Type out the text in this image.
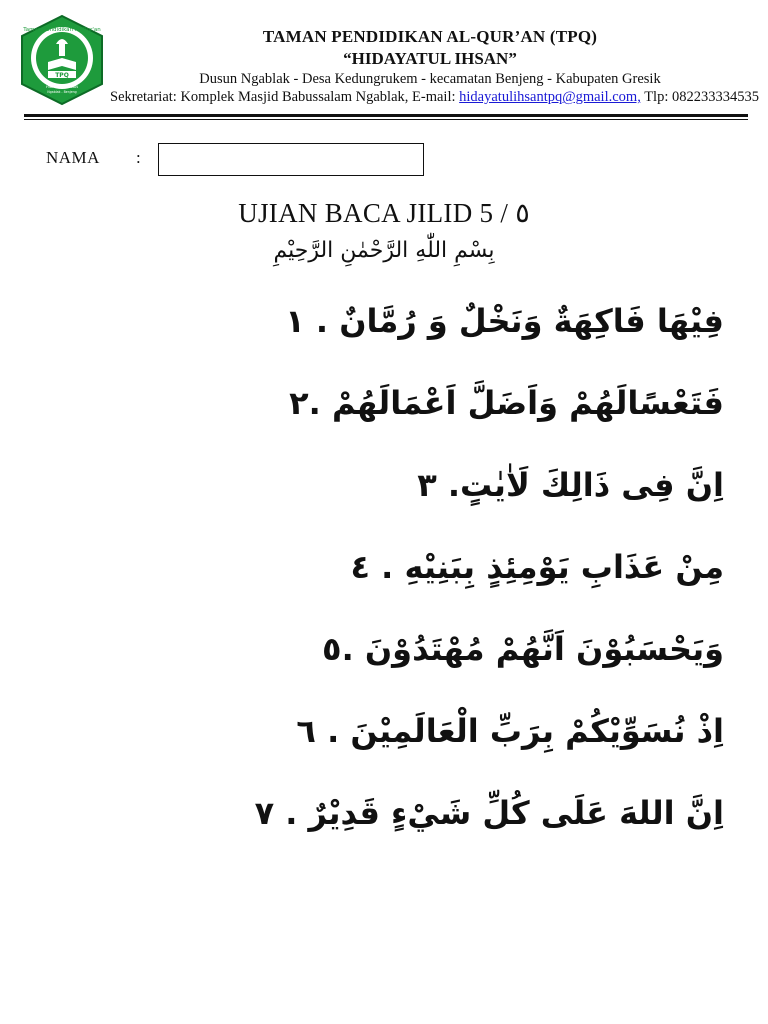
Taman Pendidikan Al-Qur'an
TPQ
HIDAYATUL IHSAN
Ngablak - Benjeng
TAMAN PENDIDIKAN AL-QUR’AN (TPQ)
“HIDAYATUL IHSAN”
Dusun Ngablak - Desa Kedungrukem - kecamatan Benjeng - Kabupaten Gresik
Sekretariat: Komplek Masjid Babussalam Ngablak, E-mail: hidayatulihsantpq@gmail.com, Tlp: 082233334535
NAMA :
UJIAN BACA JILID 5 / ٥
بِسْمِ اللّٰهِ الرَّحْمٰنِ الرَّحِيْمِ
فِيْهَا فَاكِهَةٌ وَنَخْلٌ وَ رُمَّانٌ . ١
فَتَعْسًالَهُمْ وَاَضَلَّ اَعْمَالَهُمْ .٢
اِنَّ فِى ذَالِكَ لَاٰيٰتٍ. ٣
مِنْ عَذَابِ يَوْمِئِذٍ بِبَنِيْهِ . ٤
وَيَحْسَبُوْنَ اَنَّهُمْ مُهْتَدُوْنَ .٥
اِذْ نُسَوِّيْكُمْ بِرَبِّ الْعَالَمِيْنَ . ٦
اِنَّ اللهَ عَلَى كُلِّ شَيْءٍ قَدِيْرٌ . ٧
